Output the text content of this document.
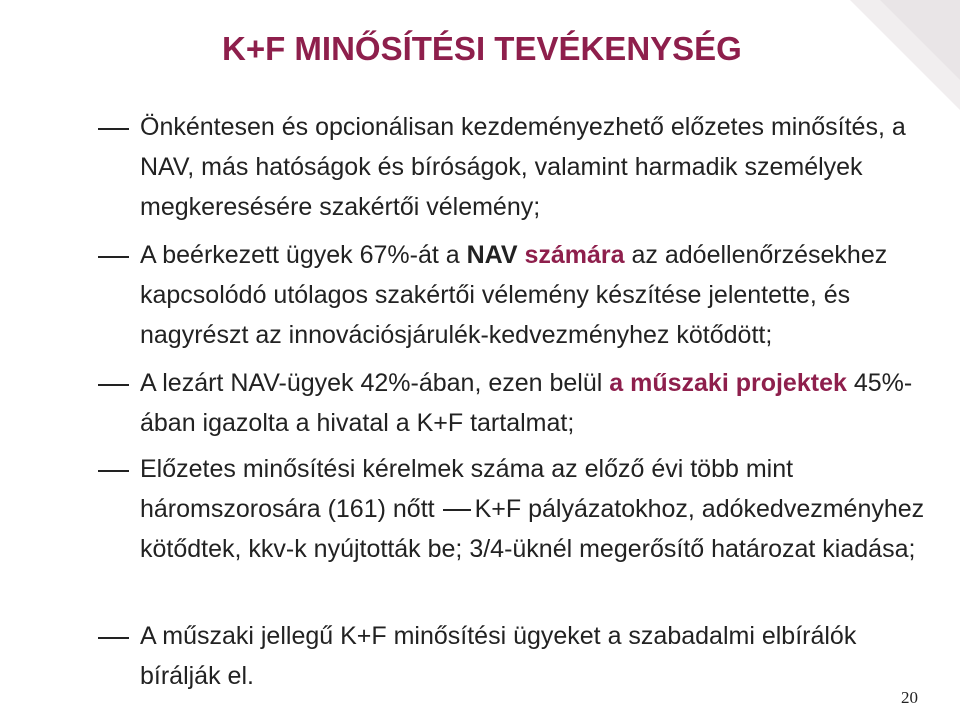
K+F MINŐSÍTÉSI TEVÉKENYSÉG

Önkéntesen és opcionálisan kezdeményezhető előzetes minősítés, a NAV, más hatóságok és bíróságok, valamint harmadik személyek megkeresésére szakértői vélemény;

A beérkezett ügyek 67%-át a NAV számára az adóellenőrzésekhez kapcsolódó utólagos szakértői vélemény készítése jelentette, és nagyrészt az innovációsjárulék-kedvezményhez kötődött;

A lezárt NAV-ügyek 42%-ában, ezen belül a műszaki projektek 45%-ában igazolta a hivatal a K+F tartalmat;

Előzetes minősítési kérelmek száma az előző évi több mint háromszorosára (161) nőtt K+F pályázatokhoz, adókedvezményhez kötődtek, kkv-k nyújtották be; 3/4-üknél megerősítő határozat kiadása;

A műszaki jellegű K+F minősítési ügyeket a szabadalmi elbírálók bírálják el.

20
